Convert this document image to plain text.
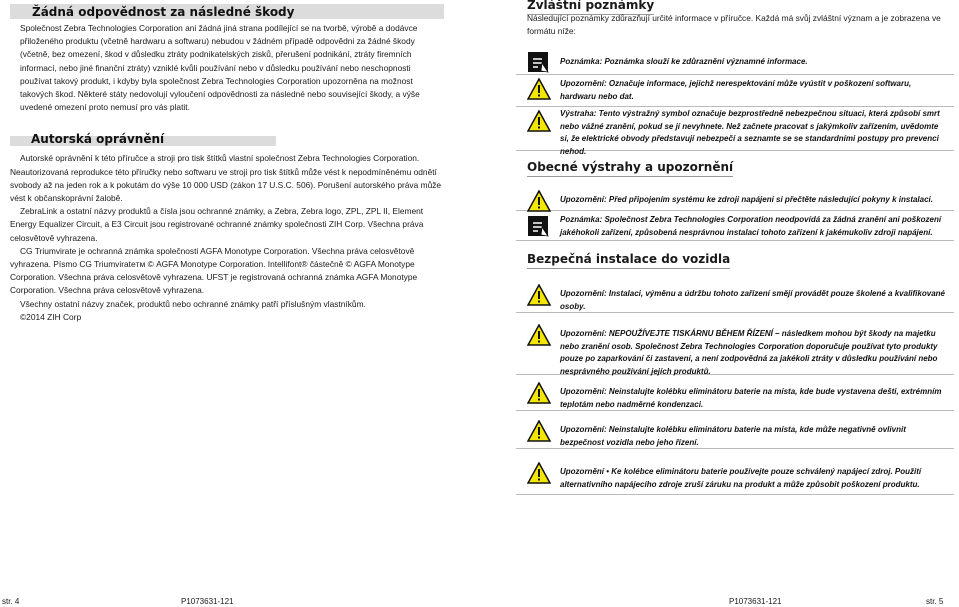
Žádná odpovědnost za následné škody

Společnost Zebra Technologies Corporation ani žádná jiná strana podílející se na tvorbě, výrobě a dodávce přiloženého produktu (včetně hardwaru a softwaru) nebudou v žádném případě odpovědni za žádné škody (včetně, bez omezení, škod v důsledku ztráty podnikatelských zisků, přerušení podnikání, ztráty firemních informací, nebo jiné finanční ztráty) vzniklé kvůli používání nebo v důsledku používání nebo neschopnosti používat takový produkt, i kdyby byla společnost Zebra Technologies Corporation upozorněna na možnost takových škod. Některé státy nedovolují vyloučení odpovědnosti za následné nebo související škody, a výše uvedené omezení proto nemusí pro vás platit.

Autorská oprávnění

Autorské oprávnění k této příručce a stroji pro tisk štítků vlastní společnost Zebra Technologies Corporation.

Neautorizovaná reprodukce této příručky nebo softwaru ve stroji pro tisk štítků může vést k nepodmíněnému odnětí svobody až na jeden rok a k pokutám do výše 10 000 USD (zákon 17 U.S.C. 506). Porušení autorského práva může vést k občanskoprávní žalobě.

ZebraLink a ostatní názvy produktů a čísla jsou ochranné známky, a Zebra, Zebra logo, ZPL, ZPL II, Element Energy Equalizer Circuit, a E3 Circuit jsou registrované ochranné známky společnosti ZIH Corp. Všechna práva celosvětově vyhrazena.

CG Triumvirate je ochranná známka společnosti AGFA Monotype Corporation. Všechna práva celosvětově vyhrazena. Písmo CG Triumvirateтм © AGFA Monotype Corporation. Intellifont® částečně © AGFA Monotype Corporation. Všechna práva celosvětově vyhrazena. UFST je registrovaná ochranná známka AGFA Monotype Corporation. Všechna práva celosvětově vyhrazena.

Všechny ostatní názvy značek, produktů nebo ochranné známky patří příslušným vlastníkům.

©2014 ZIH Corp

Zvláštní poznámky

Následující poznámky zdůrazňují určité informace v příručce. Každá má svůj zvláštní význam a je zobrazena ve formátu níže:

Poznámka: Poznámka slouží ke zdůraznění významné informace.

Upozornění: Označuje informace, jejichž nerespektování může vyústit v poškození softwaru, hardwaru nebo dat.

Výstraha: Tento výstražný symbol označuje bezprostředně nebezpečnou situaci, která způsobí smrt nebo vážné zranění, pokud se jí nevyhnete. Než začnete pracovat s jakýmkoliv zařízením, uvědomte si, že elektrické obvody představují nebezpečí a seznamte se se standardními postupy pro prevenci nehod.

Obecné výstrahy a upozornění

Upozornění: Před připojením systému ke zdroji napájení si přečtěte následující pokyny k instalaci.

Poznámka: Společnost Zebra Technologies Corporation neodpovídá za žádná zranění ani poškození jakéhokoli zařízení, způsobená nesprávnou instalací tohoto zařízení k jakémukoliv zdroji napájení.

Bezpečná instalace do vozidla

Upozornění: Instalaci, výměnu a údržbu tohoto zařízení smějí provádět pouze školené a kvalifikované osoby.

Upozornění: NEPOUŽÍVEJTE TISKÁRNU BĚHEM ŘÍZENÍ – následkem mohou být škody na majetku nebo zranění osob. Společnost Zebra Technologies Corporation doporučuje používat tyto produkty pouze po zaparkování či zastavení, a není zodpovědná za jakékoli ztráty v důsledku používání nebo nesprávného používání jejích produktů.

Upozornění: Neinstalujte kolébku eliminátoru baterie na místa, kde bude vystavena dešti, extrémním teplotám nebo nadměrné kondenzaci.

Upozornění: Neinstalujte kolébku eliminátoru baterie na místa, kde může negativně ovlivnit bezpečnost vozidla nebo jeho řízení.

Upozornění • Ke kolébce eliminátoru baterie používejte pouze schválený napájecí zdroj. Použití alternativního napájecího zdroje zruší záruku na produkt a může způsobit poškození produktu.

str. 4	P1073631-121	P1073631-121	str. 5
